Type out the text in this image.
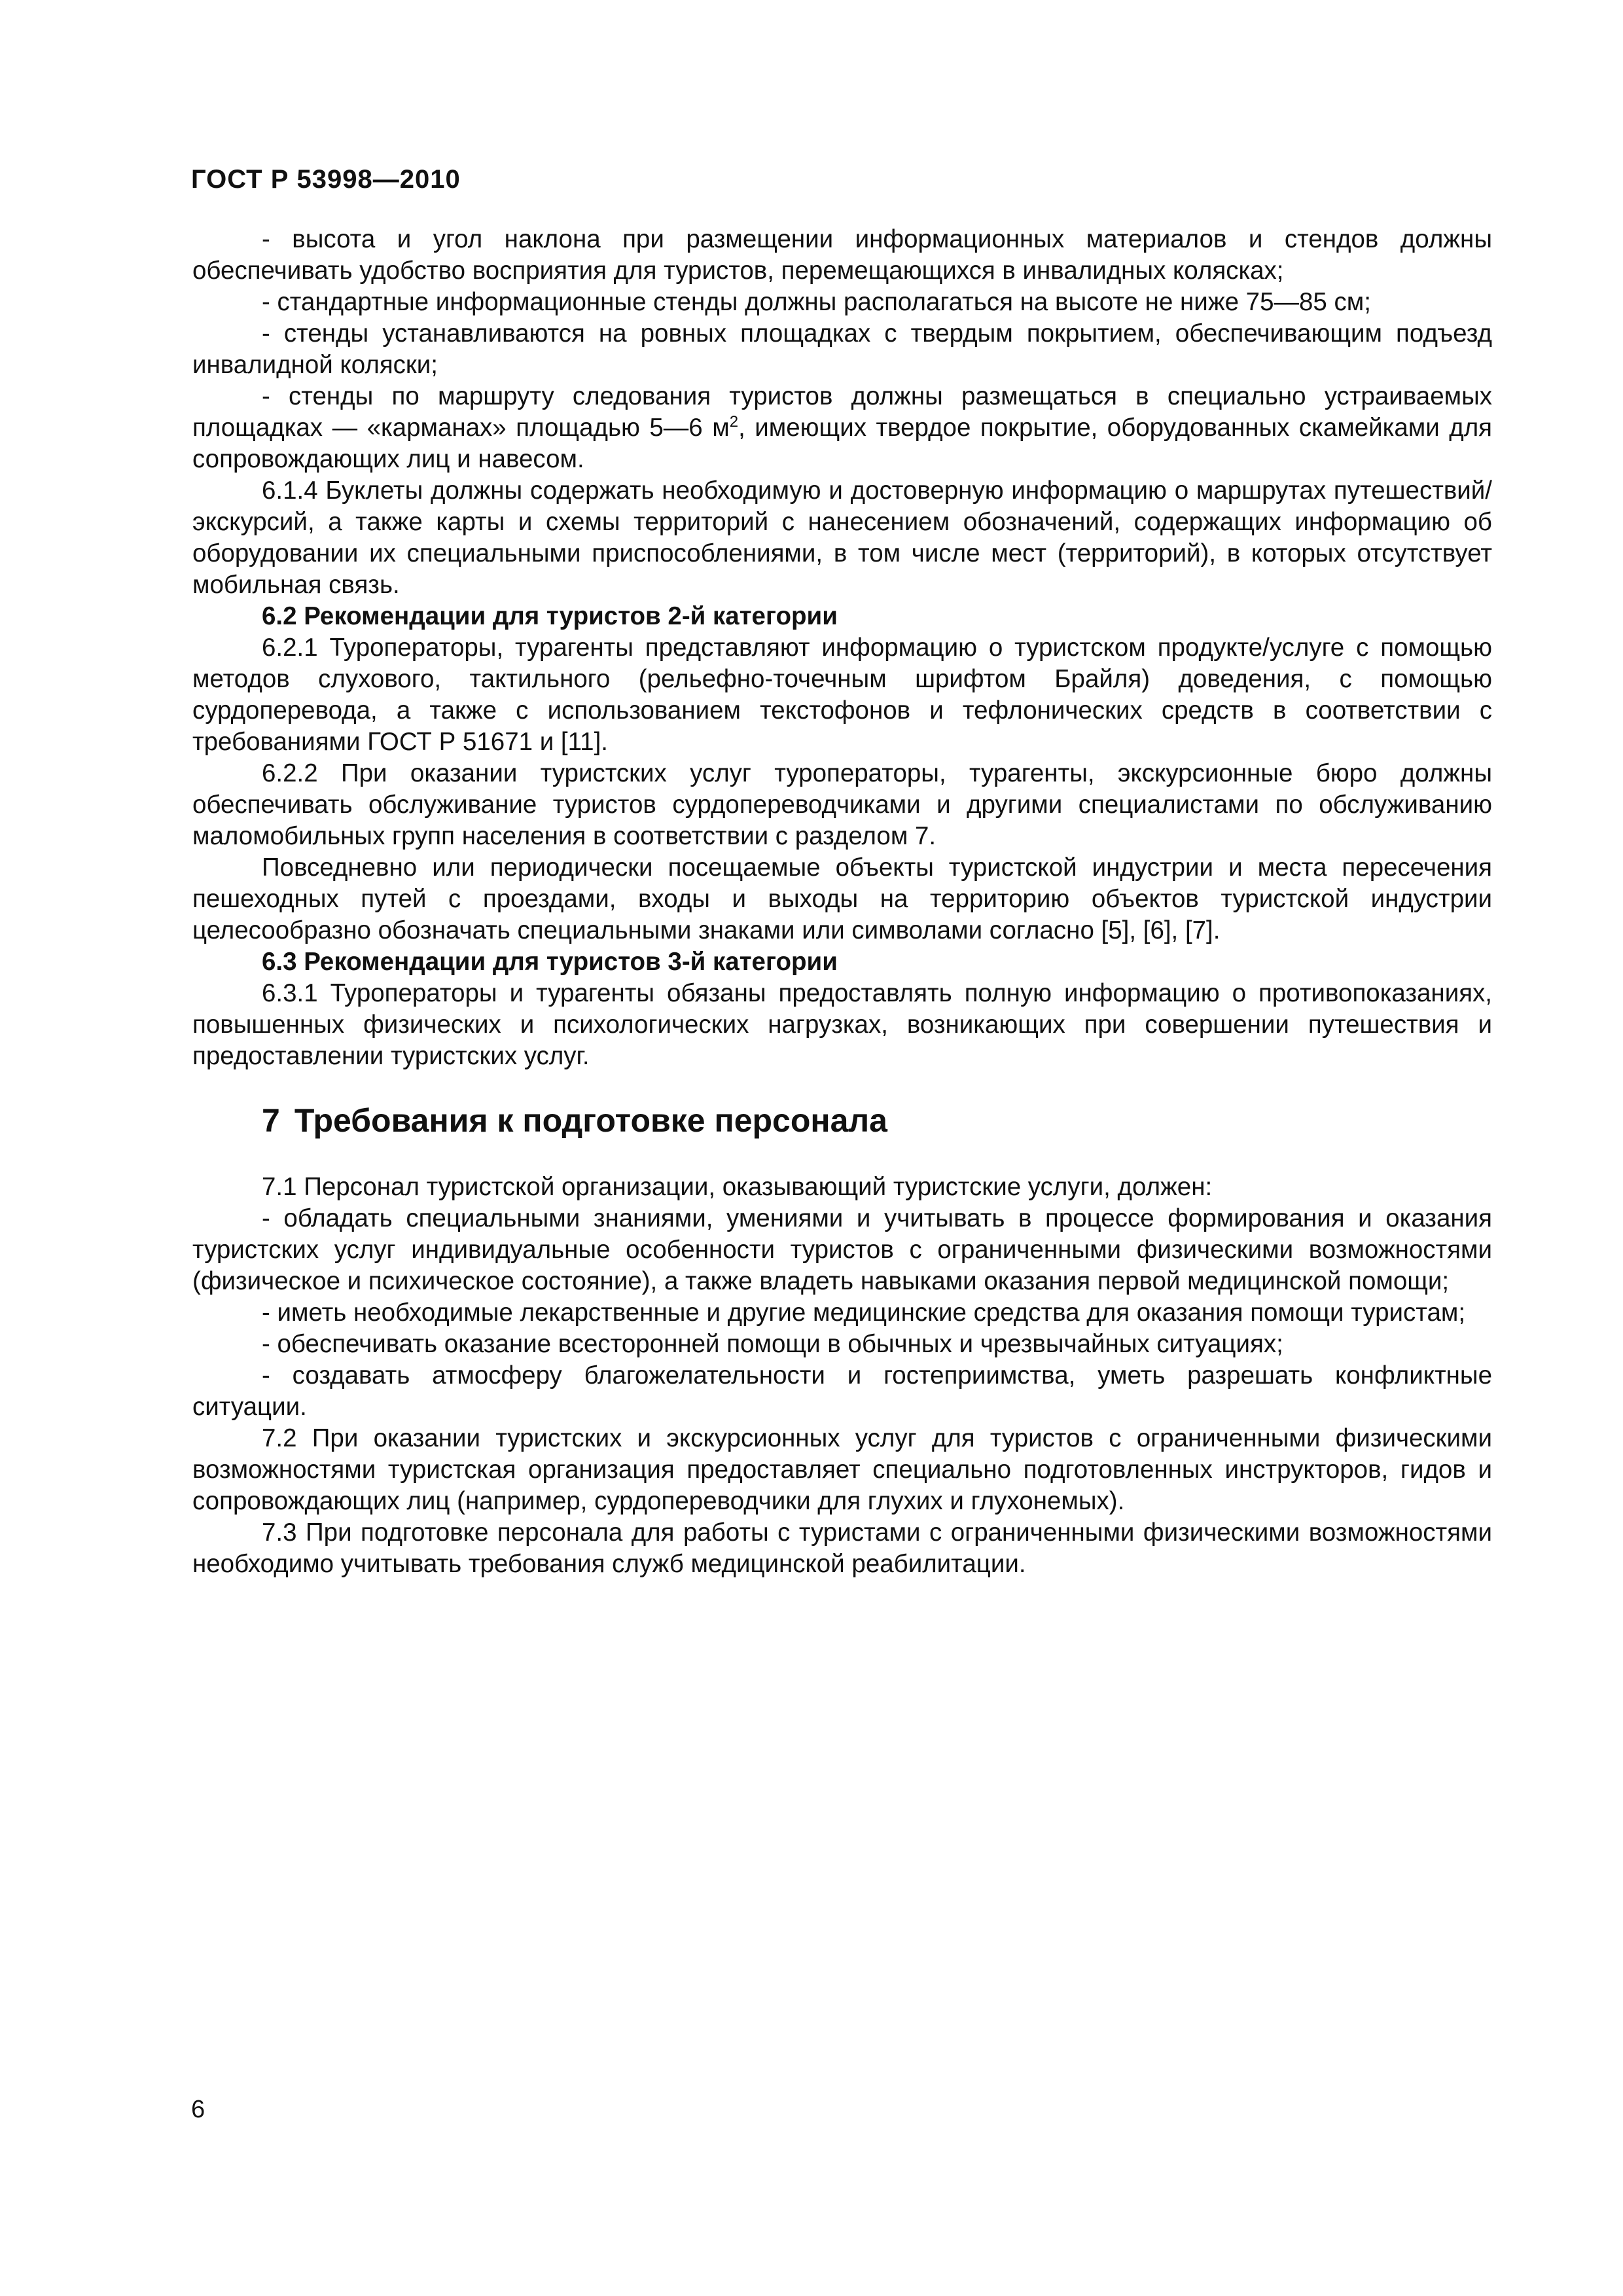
ГОСТ Р 53998—2010

- высота и угол наклона при размещении информационных материалов и стендов должны обеспечивать удобство восприятия для туристов, перемещающихся в инвалидных колясках;

- стандартные информационные стенды должны располагаться на высоте не ниже 75—85 см;

- стенды устанавливаются на ровных площадках с твердым покрытием, обеспечивающим подъезд инвалидной коляски;

- стенды по маршруту следования туристов должны размещаться в специально устраиваемых площадках — «карманах» площадью 5—6 $м^2$, имеющих твердое покрытие, оборудованных скамейками для сопровождающих лиц и навесом.

6.1.4 Буклеты должны содержать необходимую и достоверную информацию о маршрутах путешествий/экскурсий, а также карты и схемы территорий с нанесением обозначений, содержащих информацию об оборудовании их специальными приспособлениями, в том числе мест (территорий), в которых отсутствует мобильная связь.

6.2 Рекомендации для туристов 2-й категории

6.2.1 Туроператоры, турагенты представляют информацию о туристском продукте/услуге с помощью методов слухового, тактильного (рельефно-точечным шрифтом Брайля) доведения, с помощью сурдоперевода, а также с использованием текстофонов и тефлонических средств в соответствии с требованиями ГОСТ Р 51671 и [11].

6.2.2 При оказании туристских услуг туроператоры, турагенты, экскурсионные бюро должны обеспечивать обслуживание туристов сурдопереводчиками и другими специалистами по обслуживанию маломобильных групп населения в соответствии с разделом 7.

Повседневно или периодически посещаемые объекты туристской индустрии и места пересечения пешеходных путей с проездами, входы и выходы на территорию объектов туристской индустрии целесообразно обозначать специальными знаками или символами согласно [5], [6], [7].

6.3 Рекомендации для туристов 3-й категории

6.3.1 Туроператоры и турагенты обязаны предоставлять полную информацию о противопоказаниях, повышенных физических и психологических нагрузках, возникающих при совершении путешествия и предоставлении туристских услуг.

7 Требования к подготовке персонала

7.1 Персонал туристской организации, оказывающий туристские услуги, должен:

- обладать специальными знаниями, умениями и учитывать в процессе формирования и оказания туристских услуг индивидуальные особенности туристов с ограниченными физическими возможностями (физическое и психическое состояние), а также владеть навыками оказания первой медицинской помощи;

- иметь необходимые лекарственные и другие медицинские средства для оказания помощи туристам;

- обеспечивать оказание всесторонней помощи в обычных и чрезвычайных ситуациях;

- создавать атмосферу благожелательности и гостеприимства, уметь разрешать конфликтные ситуации.

7.2 При оказании туристских и экскурсионных услуг для туристов с ограниченными физическими возможностями туристская организация предоставляет специально подготовленных инструкторов, гидов и сопровождающих лиц (например, сурдопереводчики для глухих и глухонемых).

7.3 При подготовке персонала для работы с туристами с ограниченными физическими возможностями необходимо учитывать требования служб медицинской реабилитации.

6
